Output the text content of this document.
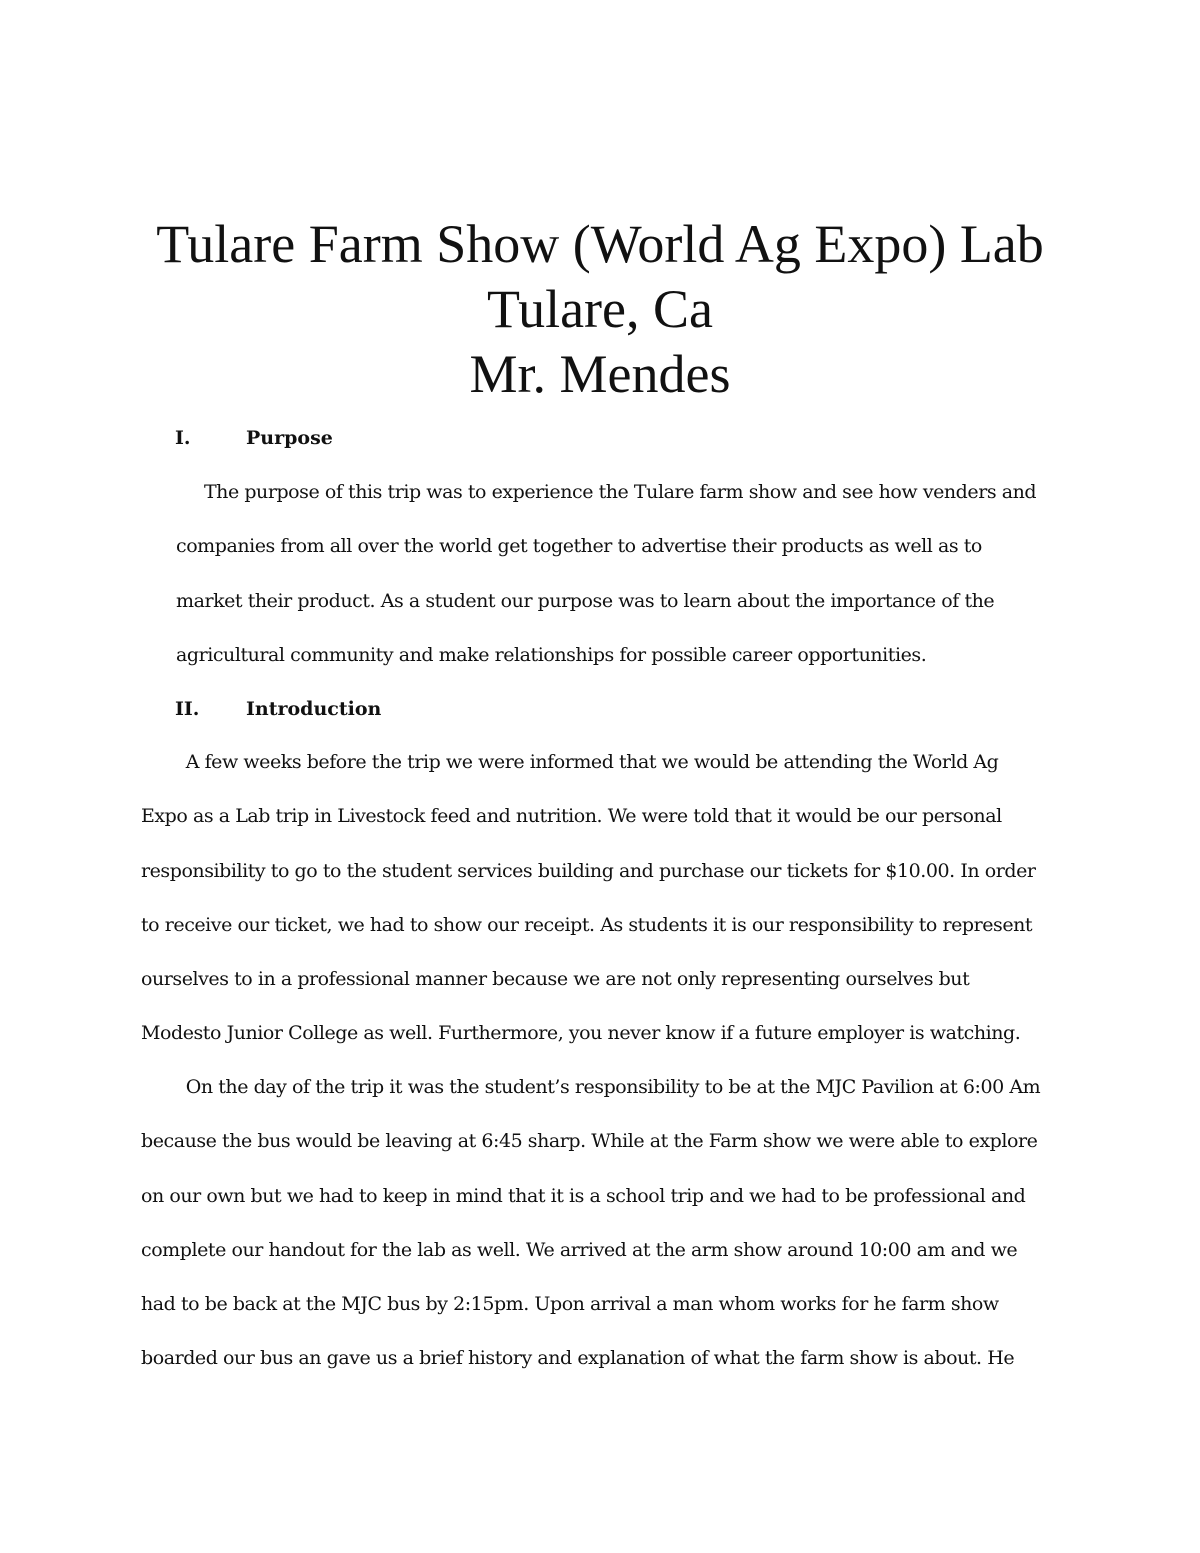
Tulare Farm Show (World Ag Expo) Lab
Tulare, Ca
Mr. Mendes
I.	Purpose
The purpose of this trip was to experience the Tulare farm show and see how venders and
companies from all over the world get together to advertise their products as well as to
market their product. As a student our purpose was to learn about the importance of the
agricultural community and make relationships for possible career opportunities.
II. Introduction
A few weeks before the trip we were informed that we would be attending the World Ag
Expo as a Lab trip in Livestock feed and nutrition. We were told that it would be our personal
responsibility to go to the student services building and purchase our tickets for $10.00. In order
to receive our ticket, we had to show our receipt. As students it is our responsibility to represent
ourselves to in a professional manner because we are not only representing ourselves but
Modesto Junior College as well. Furthermore, you never know if a future employer is watching.
On the day of the trip it was the student’s responsibility to be at the MJC Pavilion at 6:00 Am
because the bus would be leaving at 6:45 sharp. While at the Farm show we were able to explore
on our own but we had to keep in mind that it is a school trip and we had to be professional and
complete our handout for the lab as well. We arrived at the arm show around 10:00 am and we
had to be back at the MJC bus by 2:15pm. Upon arrival a man whom works for he farm show
boarded our bus an gave us a brief history and explanation of what the farm show is about. He
